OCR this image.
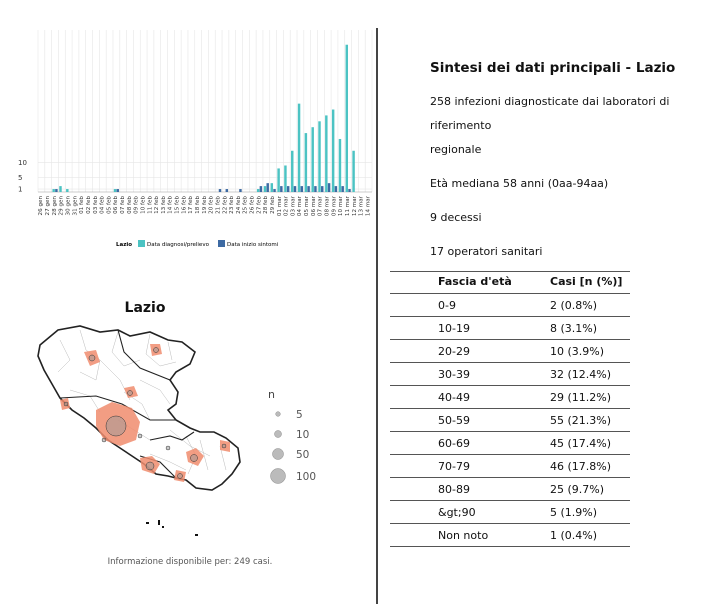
1
5
10
26 gen 27 gen 28 gen 29 gen 30 gen 31 gen 01 feb 02 feb 03 feb 04 feb 05 feb 06 feb 07 feb 08 feb 09 feb 10 feb 11 feb 12 feb 13 feb 14 feb 15 feb 16 feb 17 feb 18 feb 19 feb 20 feb 21 feb 22 feb 23 feb 24 feb 25 feb 26 feb 27 feb 28 feb 29 feb 01 mar 02 mar 03 mar 04 mar 05 mar 06 mar 07 mar 08 mar 09 mar 10 mar 11 mar 12 mar 13 mar 14 mar
Lazio	Data diagnosi/prelievo	Data inizio sintomi
5
10
50
100
n
Lazio
Informazione disponibile per: 249 casi.
Sintesi dei dati principali - Lazio

258 infezioni diagnosticate dai laboratori di riferimento

regionale

Età mediana 58 anni (0aa-94aa)

9 decessi

17 operatori sanitari

Fascia d'età	Casi [n (%)]
0-9	2 (0.8%)
10-19	8 (3.1%)
20-29	10 (3.9%)
30-39	32 (12.4%)
40-49	29 (11.2%)
50-59	55 (21.3%)
60-69	45 (17.4%)
70-79	46 (17.8%)
80-89	25 (9.7%)
&gt;90	5 (1.9%)
Non noto	1 (0.4%)
